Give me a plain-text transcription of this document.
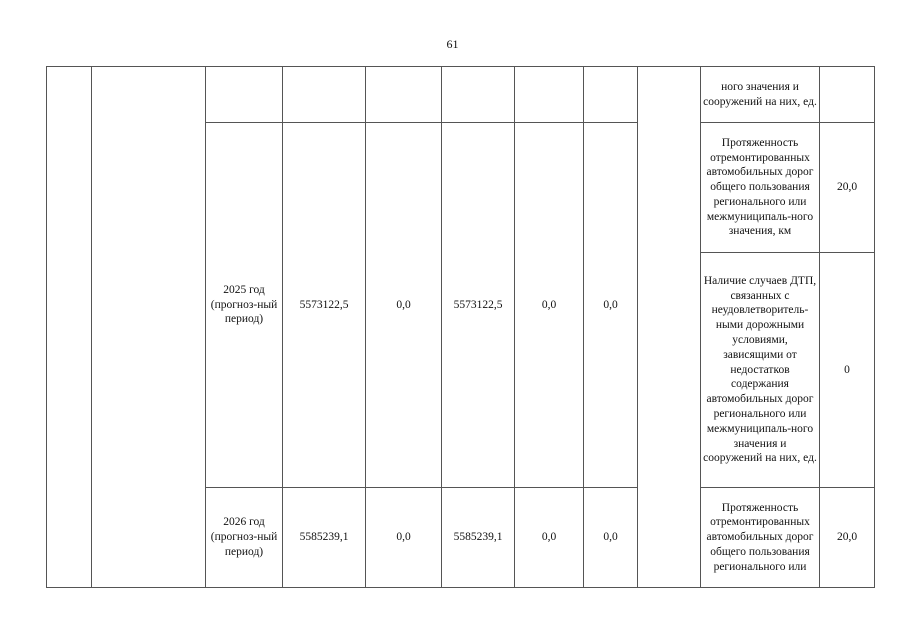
61
									ного значения и сооружений на них, ед.	
		2025 год (прогноз-ный период)	5573122,5	0,0	5573122,5	0,0	0,0		Протяженность отремонтированных автомобильных дорог общего пользования регионального или межмуниципаль-ного значения, км	20,0
									Наличие случаев ДТП, связанных с неудовлетворитель-ными дорожными условиями, зависящими от недостатков содержания автомобильных дорог регионального или межмуниципаль-ного значения и сооружений на них, ед.	0
		2026 год (прогноз-ный период)	5585239,1	0,0	5585239,1	0,0	0,0		Протяженность отремонтированных автомобильных дорог общего пользования регионального или	20,0
